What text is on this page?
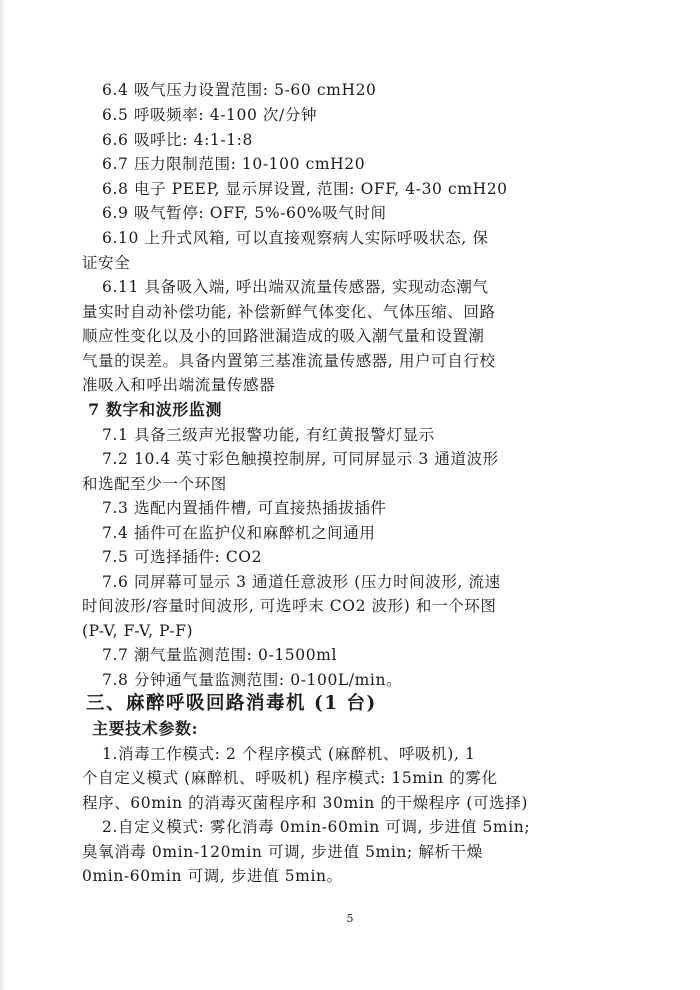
6.4 吸气压力设置范围: 5-60 cmH20
6.5 呼吸频率: 4-100 次/分钟
6.6 吸呼比: 4:1-1:8
6.7 压力限制范围: 10-100 cmH20
6.8 电子 PEEP, 显示屏设置, 范围: OFF, 4-30 cmH20
6.9 吸气暂停: OFF, 5%-60%吸气时间
6.10 上升式风箱, 可以直接观察病人实际呼吸状态, 保
证安全
6.11 具备吸入端, 呼出端双流量传感器, 实现动态潮气
量实时自动补偿功能, 补偿新鲜气体变化、气体压缩、回路
顺应性变化以及小的回路泄漏造成的吸入潮气量和设置潮
气量的误差。具备内置第三基准流量传感器, 用户可自行校
准吸入和呼出端流量传感器
7 数字和波形监测
7.1 具备三级声光报警功能, 有红黄报警灯显示
7.2 10.4 英寸彩色触摸控制屏, 可同屏显示 3 通道波形
和选配至少一个环图
7.3 选配内置插件槽, 可直接热插拔插件
7.4 插件可在监护仪和麻醉机之间通用
7.5 可选择插件: CO2
7.6 同屏幕可显示 3 通道任意波形 (压力时间波形, 流速
时间波形/容量时间波形, 可选呼末 CO2 波形) 和一个环图
(P-V, F-V, P-F)
7.7 潮气量监测范围: 0-1500ml
7.8 分钟通气量监测范围: 0-100L/min。
三、麻醉呼吸回路消毒机 (1 台)
主要技术参数:
1.消毒工作模式: 2 个程序模式 (麻醉机、呼吸机), 1
个自定义模式 (麻醉机、呼吸机) 程序模式: 15min 的雾化
程序、60min 的消毒灭菌程序和 30min 的干燥程序 (可选择)
2.自定义模式: 雾化消毒 0min-60min 可调, 步进值 5min;
臭氧消毒 0min-120min 可调, 步进值 5min; 解析干燥
0min-60min 可调, 步进值 5min。
5
